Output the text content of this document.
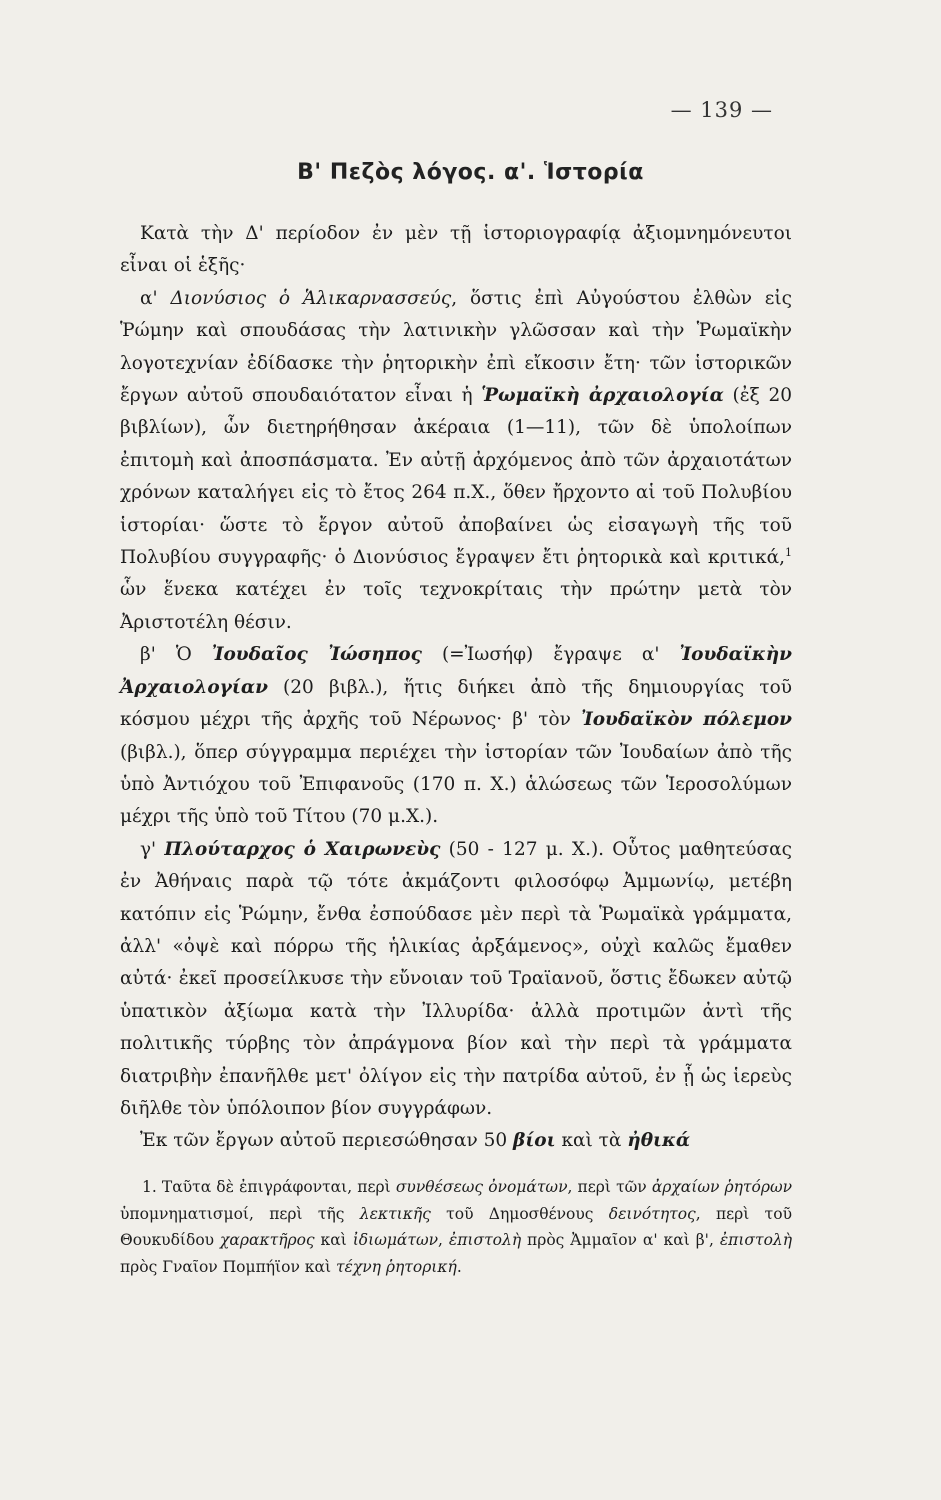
— 139 —
Β' Πεζὸς λόγος. α'. Ἱστορία

Κατὰ τὴν Δ' περίοδον ἐν μὲν τῇ ἱστοριογραφίᾳ ἀξιομνημόνευτοι εἶναι οἱ ἑξῆς·

α' Διονύσιος ὁ Ἁλικαρνασσεύς, ὅστις ἐπὶ Αὐγούστου ἐλθὼν εἰς Ῥώμην καὶ σπουδάσας τὴν λατινικὴν γλῶσσαν καὶ τὴν Ῥωμαϊκὴν λογοτεχνίαν ἐδίδασκε τὴν ῥητορικὴν ἐπὶ εἴκοσιν ἔτη· τῶν ἱστορικῶν ἔργων αὐτοῦ σπουδαιότατον εἶναι ἡ Ῥωμαϊκὴ ἀρχαιολογία (ἐξ 20 βιβλίων), ὧν διετηρήθησαν ἀκέραια (1—11), τῶν δὲ ὑπολοίπων ἐπιτομὴ καὶ ἀποσπάσματα. Ἐν αὐτῇ ἀρχόμενος ἀπὸ τῶν ἀρχαιοτάτων χρόνων καταλήγει εἰς τὸ ἔτος 264 π.Χ., ὅθεν ἤρχοντο αἱ τοῦ Πολυβίου ἱστορίαι· ὥστε τὸ ἔργον αὐτοῦ ἀποβαίνει ὡς εἰσαγωγὴ τῆς τοῦ Πολυβίου συγγραφῆς· ὁ Διονύσιος ἔγραψεν ἔτι ῥητορικὰ καὶ κριτικά,$^1$ ὧν ἕνεκα κατέχει ἐν τοῖς τεχνοκρίταις τὴν πρώτην μετὰ τὸν Ἀριστοτέλη θέσιν.

β' Ὁ Ἰουδαῖος Ἰώσηπος (=Ἰωσήφ) ἔγραψε α' Ἰουδαϊκὴν Ἀρχαιολογίαν (20 βιβλ.), ἥτις διήκει ἀπὸ τῆς δημιουργίας τοῦ κόσμου μέχρι τῆς ἀρχῆς τοῦ Νέρωνος· β' τὸν Ἰουδαϊκὸν πόλεμον (βιβλ.), ὅπερ σύγγραμμα περιέχει τὴν ἱστορίαν τῶν Ἰουδαίων ἀπὸ τῆς ὑπὸ Ἀντιόχου τοῦ Ἐπιφανοῦς (170 π. Χ.) ἁλώσεως τῶν Ἱεροσολύμων μέχρι τῆς ὑπὸ τοῦ Τίτου (70 μ.Χ.).

γ' Πλούταρχος ὁ Χαιρωνεὺς (50 - 127 μ. Χ.). Οὗτος μαθητεύσας ἐν Ἀθήναις παρὰ τῷ τότε ἀκμάζοντι φιλοσόφῳ Ἀμμωνίῳ, μετέβη κατόπιν εἰς Ῥώμην, ἔνθα ἐσπούδασε μὲν περὶ τὰ Ῥωμαϊκὰ γράμματα, ἀλλ' «ὀψὲ καὶ πόρρω τῆς ἡλικίας ἀρξάμενος», οὐχὶ καλῶς ἔμαθεν αὐτά· ἐκεῖ προσείλκυσε τὴν εὔνοιαν τοῦ Τραϊανοῦ, ὅστις ἔδωκεν αὐτῷ ὑπατικὸν ἀξίωμα κατὰ τὴν Ἰλλυρίδα· ἀλλὰ προτιμῶν ἀντὶ τῆς πολιτικῆς τύρβης τὸν ἀπράγμονα βίον καὶ τὴν περὶ τὰ γράμματα διατριβὴν ἐπανῆλθε μετ' ὀλίγον εἰς τὴν πατρίδα αὐτοῦ, ἐν ᾗ ὡς ἱερεὺς διῆλθε τὸν ὑπόλοιπον βίον συγγράφων.

Ἐκ τῶν ἔργων αὐτοῦ περιεσώθησαν 50 βίοι καὶ τὰ ἠθικά

1. Ταῦτα δὲ ἐπιγράφονται, περὶ συνθέσεως ὀνομάτων, περὶ τῶν ἀρχαίων ῥητόρων ὑπομνηματισμοί, περὶ τῆς λεκτικῆς τοῦ Δημοσθένους δεινότητος, περὶ τοῦ Θουκυδίδου χαρακτῆρος καὶ ἰδιωμάτων, ἐπιστολὴ πρὸς Ἀμμαῖον α' καὶ β', ἐπιστολὴ πρὸς Γναῖον Πομπήϊον καὶ τέχνη ῥητορική.
